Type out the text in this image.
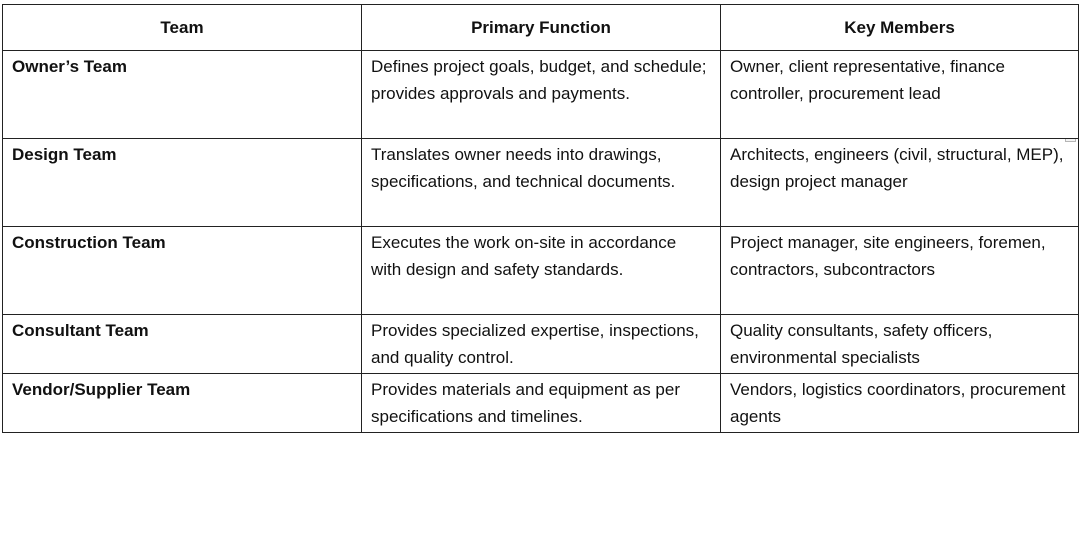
Team	Primary Function	Key Members
Owner’s Team	Defines project goals, budget, and schedule; provides approvals and payments.	Owner, client representative, finance controller, procurement lead
Design Team	Translates owner needs into drawings, specifications, and technical documents.	Architects, engineers (civil, structural, MEP), design project manager

Construction Team	Executes the work on-site in accordance with design and safety standards.	Project manager, site engineers, foremen, contractors, subcontractors
Consultant Team	Provides specialized expertise, inspections, and quality control.	Quality consultants, safety officers, environmental specialists
Vendor/Supplier Team	Provides materials and equipment as per specifications and timelines.	Vendors, logistics coordinators, procurement agents
